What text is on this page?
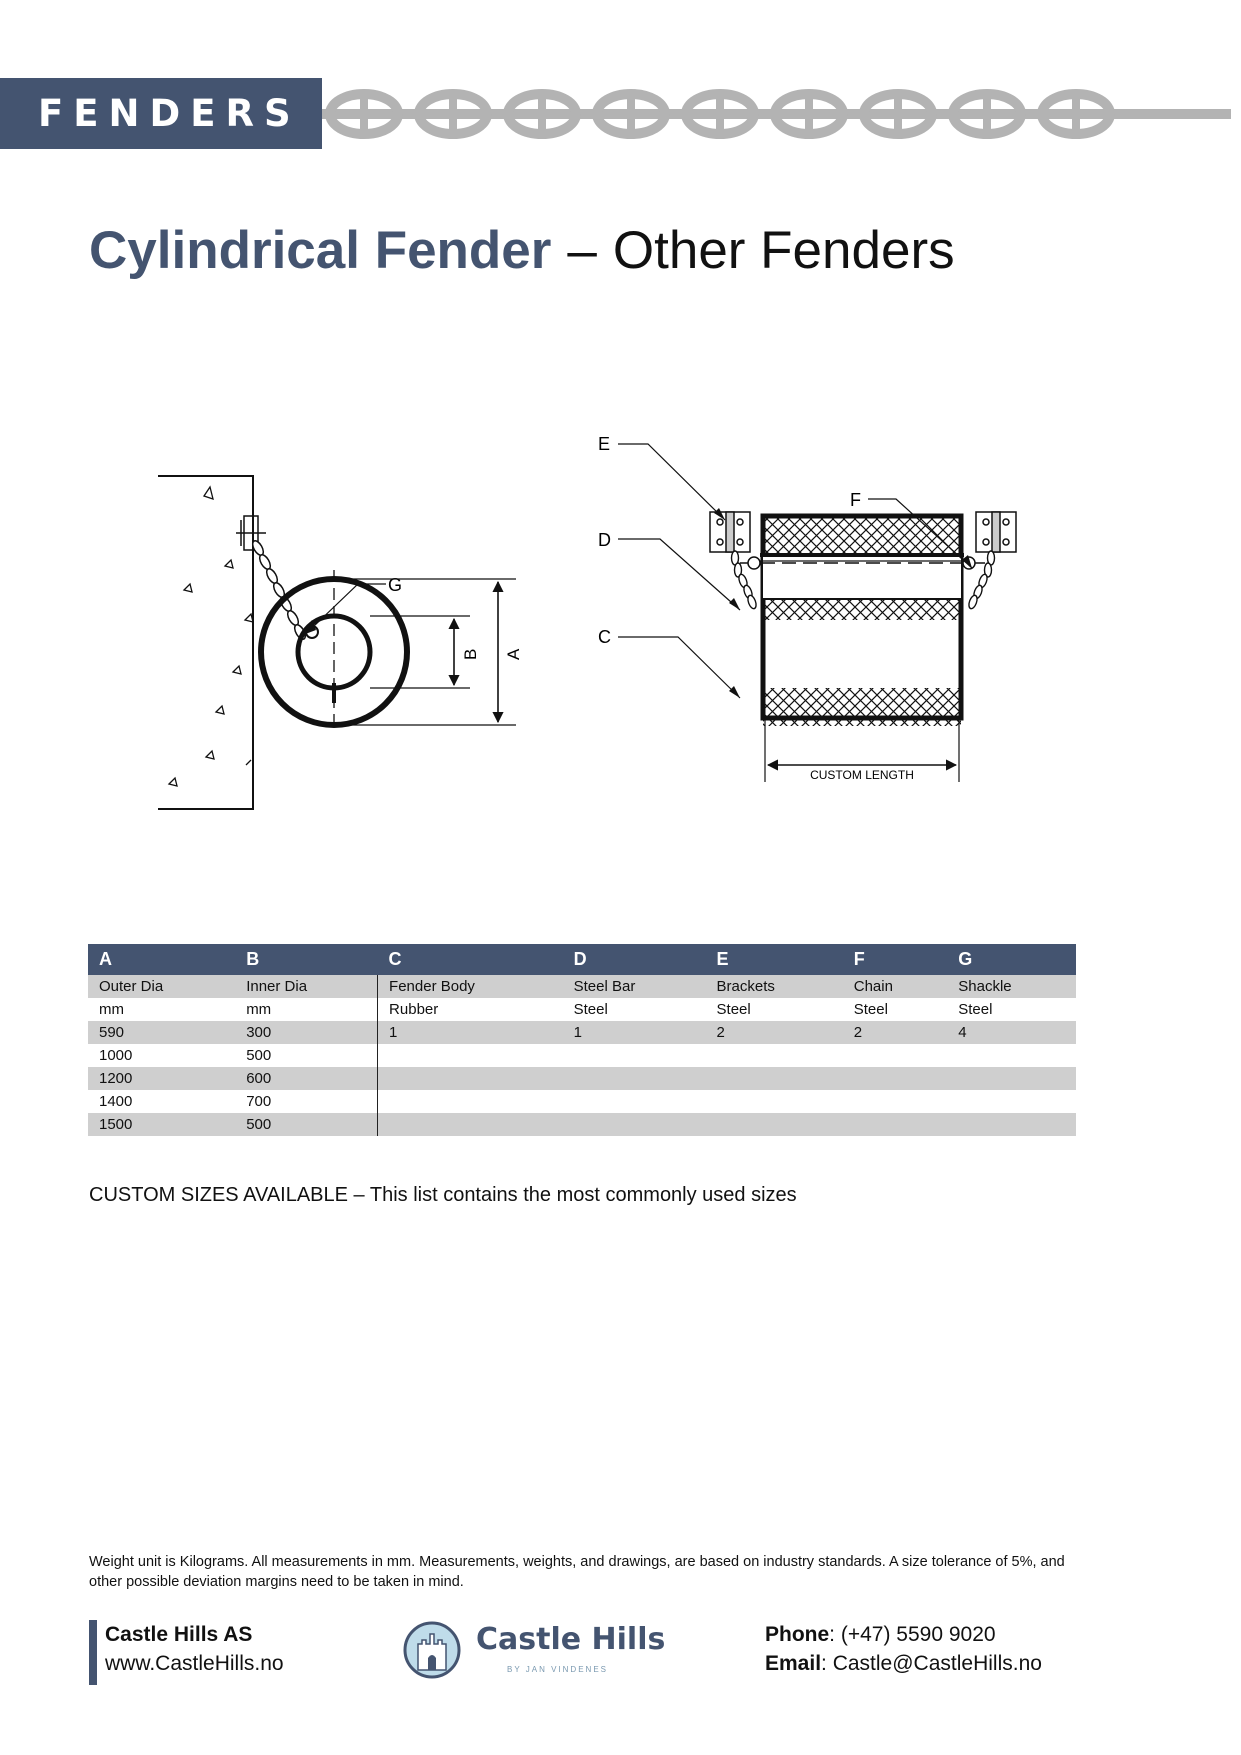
FENDERS
Cylindrical Fender – Other Fenders
G
B A
E
F
D
C
CUSTOM LENGTH
A	B	C	D	E	F	G
Outer Dia	Inner Dia	Fender Body	Steel Bar	Brackets	Chain	Shackle
mm	mm	Rubber	Steel	Steel	Steel	Steel
590	300	1	1	2	2	4
1000	500					
1200	600					
1400	700					
1500	500					
CUSTOM SIZES AVAILABLE – This list contains the most commonly used sizes
Weight unit is Kilograms. All measurements in mm. Measurements, weights, and drawings, are based on industry standards. A size tolerance of 5%, and other possible deviation margins need to be taken in mind.
Castle Hills AS
www.CastleHills.no
Castle Hills
BY JAN VINDENES
Phone: (+47) 5590 9020
Email: Castle@CastleHills.no
